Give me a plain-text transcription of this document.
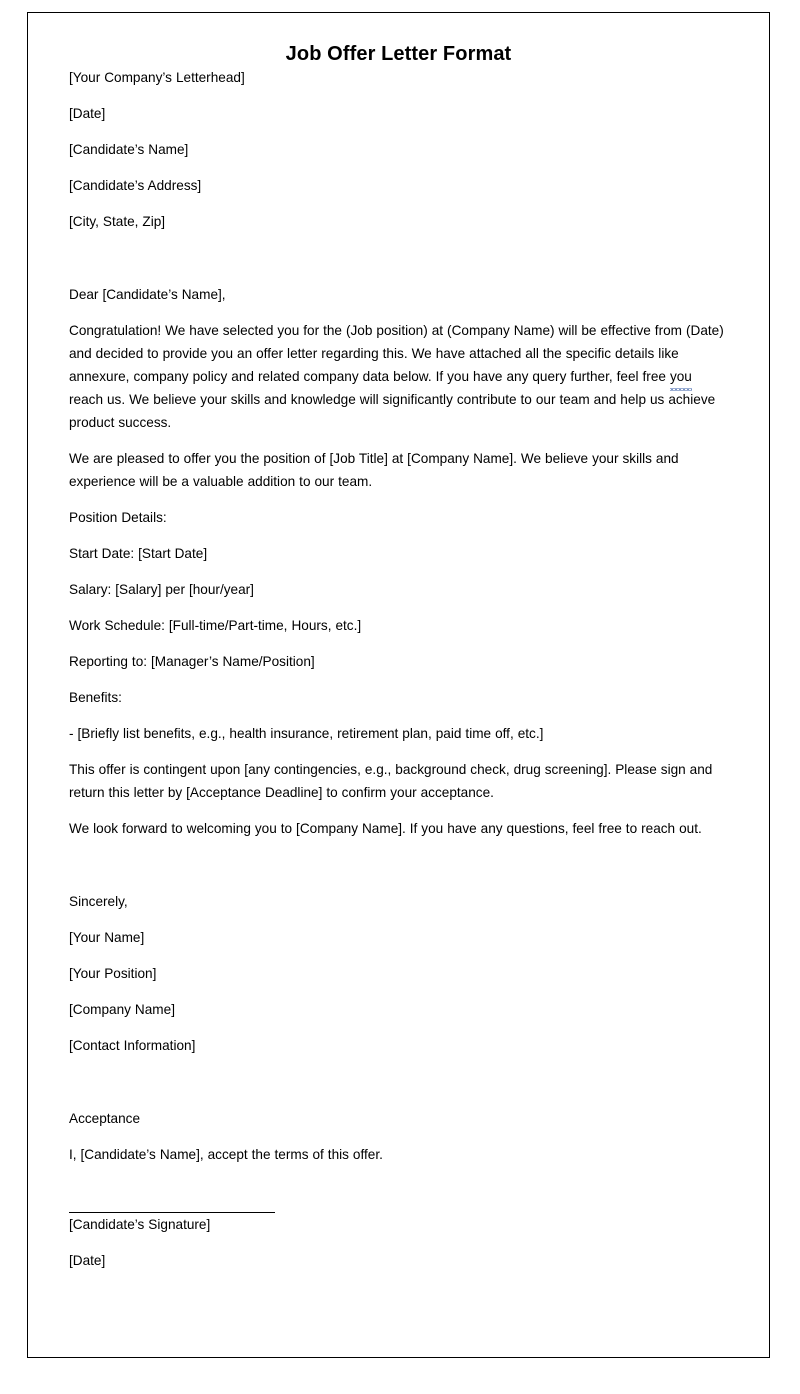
Job Offer Letter Format

[Your Company’s Letterhead]

[Date]

[Candidate’s Name]

[Candidate’s Address]

[City, State, Zip]

Dear [Candidate’s Name],

Congratulation! We have selected you for the (Job position) at (Company Name) will be effective from (Date) and decided to provide you an offer letter regarding this. We have attached all the specific details like annexure, company policy and related company data below. If you have any query further, feel free you reach us. We believe your skills and knowledge will significantly contribute to our team and help us achieve product success.

We are pleased to offer you the position of [Job Title] at [Company Name]. We believe your skills and experience will be a valuable addition to our team.

Position Details:

Start Date: [Start Date]

Salary: [Salary] per [hour/year]

Work Schedule: [Full-time/Part-time, Hours, etc.]

Reporting to: [Manager’s Name/Position]

Benefits:

- [Briefly list benefits, e.g., health insurance, retirement plan, paid time off, etc.]

This offer is contingent upon [any contingencies, e.g., background check, drug screening]. Please sign and return this letter by [Acceptance Deadline] to confirm your acceptance.

We look forward to welcoming you to [Company Name]. If you have any questions, feel free to reach out.

Sincerely,

[Your Name]

[Your Position]

[Company Name]

[Contact Information]

Acceptance

I, [Candidate’s Name], accept the terms of this offer.

[Candidate’s Signature]

[Date]
